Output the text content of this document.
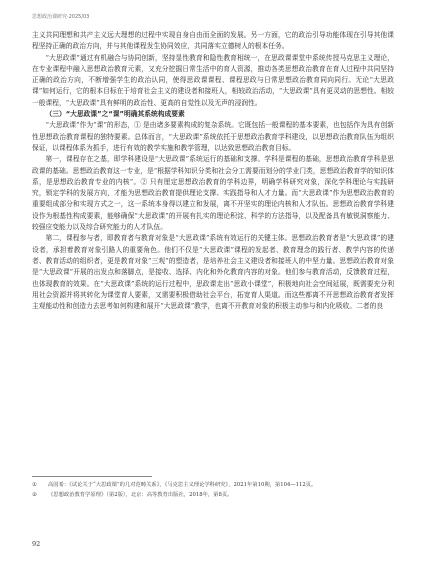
思想政治课研究·2025/03

主义共同理想和共产主义远大理想的过程中实现自身自由而全面的发展。另一方面，它的政治引导功能体现在引导其他课程坚持正确的政治方向，并与其他课程发生协同效应，共同落实立德树人的根本任务。

“大思政课”通过有机融合与协同创新，坚持显性教育和隐性教育相统一，在思政课课堂中系统传授马克思主义理论，在专业课程中融入思想政治教育元素，又充分挖掘日常生活中的育人资源，推动各类思想政治教育在育人过程中共同坚持正确的政治方向，不断增强学生的政治认同，使得思政课课程、课程思政与日常思想政治教育同向同行。无论“大思政课”如何运行，它的根本目标在于培育社会主义的建设者和接班人，相较政治活动，“大思政课”具有更灵动的思想性。相较一般课程，“大思政课”具有鲜明的政治性、更高的自觉性以及无声的浸润性。

（三）“大思政课”之“课”明确其系统构成要素

“大思政课”作为“课”的形态，① 是由诸多要素构成的复杂系统。它既包括一般课程的基本要素，也包括作为具有创新性思想政治教育课程的独特要素。总体而言，“大思政课”系统依托于思想政治教育学科建设，以思想政治教育队伍为组织保证，以课程体系为抓手，进行有效的教学实施和教学管理，以达致思想政治教育目标。

第一，课程存在之基，即学科建设是“大思政课”系统运行的基础和支撑。学科是课程的基础，思想政治教育学科是思政课的基础。思想政治教育这一专业，是“根据学科知识分类和社会分工需要而划分的学业门类，思想政治教育学的知识体系，是思想政治教育专业的内核”。② 只有厘定思想政治教育的学科边界，明确学科研究对象，深化学科理论与实践研究，锁定学科的发展方向，才能为思想政治教育提供理论支撑、实践指导和人才力量。而“大思政课”作为思想政治教育的重要组成部分和实现方式之一，这一系统本身得以建立和发展，离不开坚实的理论内核和人才队伍。思想政治教育学科建设作为根基性构成要素，能够确保“大思政课”的开展有扎实的理论积淀、科学的方法指导，以及配备具有敏锐洞察能力、较强应变能力以及综合研究能力的人才队伍。

第二，课程参与者，即教育者与教育对象是“大思政课”系统有效运行的关键主体。思想政治教育者是“大思政课”的建设者，承担着教育对象引路人的重要角色。他们不仅是“大思政课”课程的发起者、教育理念的践行者、教学内容的传递者、教育活动的组织者，更是教育对象“三观”的塑造者，是培养社会主义建设者和接班人的中坚力量。思想政治教育对象是“大思政课”开展的出发点和落脚点，是接收、选择、内化和外化教育内容的对象。他们参与教育活动，反馈教育过程，也体现教育的效果。在“大思政课”系统的运行过程中，思政课走出“思政小课堂”，积极地向社会空间延展，既需要充分利用社会资源并将其转化为课堂育人要素，又需要积极借助社会平台，拓宽育人渠道。而这些都离不开思想政治教育者发挥主观能动性和创造力去思考如何构建和展开“大思政课”教学，也离不开教育对象的积极主动参与和内化吸收。二者的良

①	高国希：《试论关于“大思政课”的几对范畴关系》，《马克思主义理论学科研究》，2021年第10期，第104—112页。
②	《思想政治教育学原理》（第2版），北京：高等教育出版社，2018年，第8页。
92
